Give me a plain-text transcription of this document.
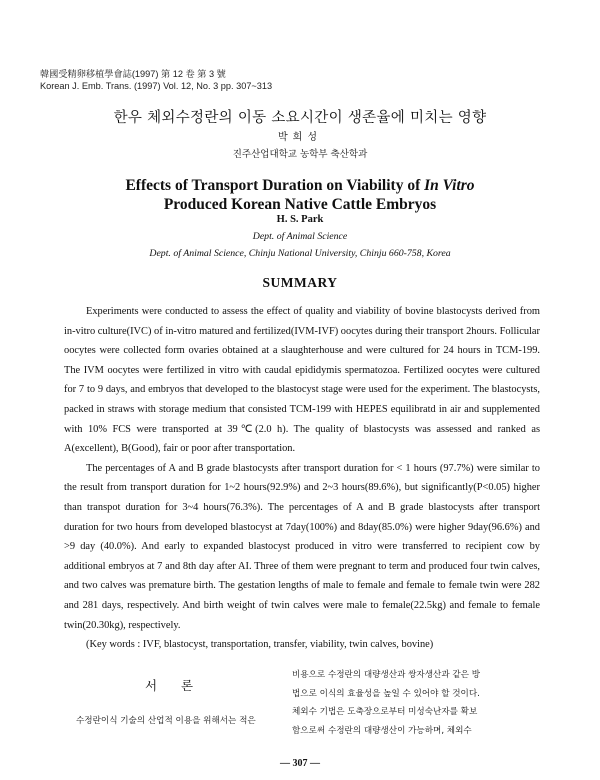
韓國受精卵移植學會誌(1997) 第 12 卷 第 3 號
Korean J. Emb. Trans. (1997) Vol. 12, No. 3 pp. 307~313
한우 체외수정란의 이동 소요시간이 생존율에 미치는 영향
박희성
진주산업대학교 농학부 축산학과
Effects of Transport Duration on Viability of In Vitro
Produced Korean Native Cattle Embryos
H. S. Park
Dept. of Animal Science
Dept. of Animal Science, Chinju National University, Chinju 660-758, Korea
SUMMARY

Experiments were conducted to assess the effect of quality and viability of bovine blastocysts derived from in-vitro culture(IVC) of in-vitro matured and fertilized(IVM-IVF) oocytes during their transport 2hours. Follicular oocytes were collected form ovaries obtained at a slaughterhouse and were cultured for 24 hours in TCM-199. The IVM oocytes were fertilized in vitro with caudal epididymis spermatozoa. Fertilized oocytes were cultured for 7 to 9 days, and embryos that developed to the blastocyst stage were used for the experiment. The blastocysts, packed in straws with storage medium that consisted TCM-199 with HEPES equilibratd in air and supplemented with 10% FCS were transported at 39℃(2.0 h). The quality of blastocysts was assessed and ranked as A(excellent), B(Good), fair or poor after transportation.

The percentages of A and B grade blastocysts after transport duration for < 1 hours (97.7%) were similar to the result from transport duration for 1~2 hours(92.9%) and 2~3 hours(89.6%), but significantly(P<0.05) higher than transpot duration for 3~4 hours(76.3%). The percentages of A and B grade blastocysts after transport duration for two hours from developed blastocyst at 7day(100%) and 8day(85.0%) were higher 9day(96.6%) and >9 day (40.0%). And early to expanded blastocyst produced in vitro were transferred to recipient cow by additional embryos at 7 and 8th day after AI. Three of them were pregnant to term and produced four twin calves, and two calves was premature birth. The gestation lengths of male to female and female to female twin were 282 and 281 days, respectively. And birth weight of twin calves were male to female(22.5kg) and female to female twin(20.30kg), respectively.

(Key words : IVF, blastocyst, transportation, transfer, viability, twin calves, bovine)

서 론
수정란이식 기술의 산업적 이용을 위해서는 적은
비용으로 수정란의 대량생산과 쌍자생산과 같은 방
법으로 이식의 효율성을 높일 수 있어야 할 것이다.
체외수 기법은 도축장으로부터 미성숙난자를 확보
함으로써 수정란의 대량생산이 가능하며, 체외수
— 307 —
